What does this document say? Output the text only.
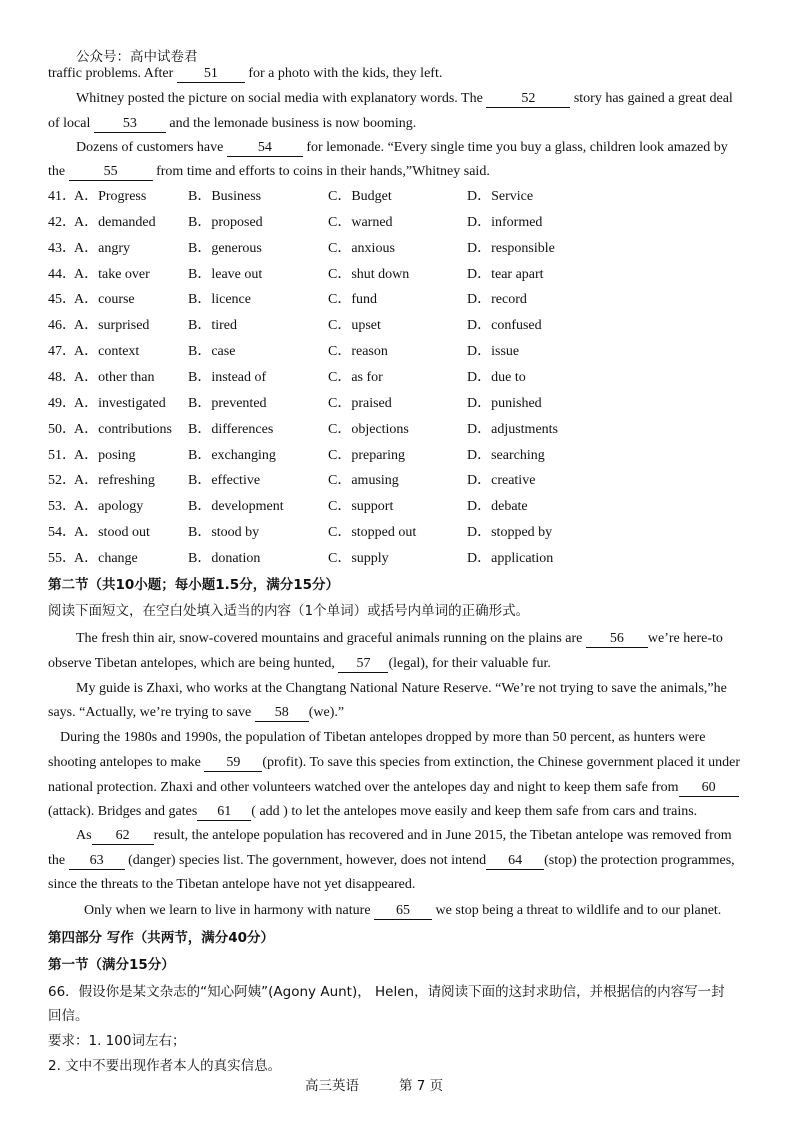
公众号：高中试卷君
traffic problems. After 51 for a photo with the kids, they left.
Whitney posted the picture on social media with explanatory words. The	52	story has gained a great deal
of local 53 and the lemonade business is now booming.
Dozens of customers have 54 for lemonade. “Every single time you buy a glass, children look amazed by
the	55	from time and efforts to coins in their hands,”Whitney said.
41．
A．Progress	B．Business	C．Budget	D．Service
42．
A．demanded B．proposed	C．warned	D．informed
43．
A．angry	B．generous	C．anxious	D．responsible
44．
A．take over	B．leave out	C．shut down	D．tear apart
45．
A．course	B．licence	C．fund	D．record
46．
A．surprised	B．tired	C．upset	D．confused
47．
A．context	B．case	C．reason	D．issue
48．
A．other than B．instead of	C．as for	D．due to
49．
A．investigated B．prevented	C．praised	D．punished
50．
A．contributions B．differences	C．objections	D．adjustments
51．
A．posing	B．exchanging	C．preparing	D．searching
52．
A．refreshing B．effective	C．amusing	D．creative
53．
A．apology	B．development	C．support	D．debate
54．
A．stood out	B．stood by	C．stopped out	D．stopped by
55．
A．change	B．donation	C．supply	D．application
第二节（共10小题；每小题1.5分，满分15分）
阅读下面短文，在空白处填入适当的内容（1个单词）或括号内单词的正确形式。
The fresh thin air, snow-covered mountains and graceful animals running on the plains are 56 we’re here-to
observe Tibetan antelopes, which are being hunted, 57 (legal), for their valuable fur.
My guide is Zhaxi, who works at the Changtang National Nature Reserve. “We’re not trying to save the animals,”he
says. “Actually, we’re trying to save 58 (we).”
During the 1980s and 1990s, the population of Tibetan antelopes dropped by more than 50 percent, as hunters were
shooting antelopes to make 59 (profit). To save this species from extinction, the Chinese government placed it under
national protection. Zhaxi and other volunteers watched over the antelopes day and night to keep them safe from 60
(attack). Bridges and gates 61 ( add ) to let the antelopes move easily and keep them safe from cars and trains.
As 62 result, the antelope population has recovered and in June 2015, the Tibetan antelope was removed from
the 63 (danger) species list. The government, however, does not intend 64 (stop) the protection programmes,
since the threats to the Tibetan antelope have not yet disappeared.
Only when we learn to live in harmony with nature 65 we stop being a threat to wildlife and to our planet.
第四部分 写作（共两节，满分40分）
第一节（满分15分）
66．假设你是某文杂志的“知心阿姨”(Agony Aunt)， Helen，请阅读下面的这封求助信，并根据信的内容写一封
回信。
要求：1. 100词左右；
2. 文中不要出现作者本人的真实信息。
高三英语	第 7 页
